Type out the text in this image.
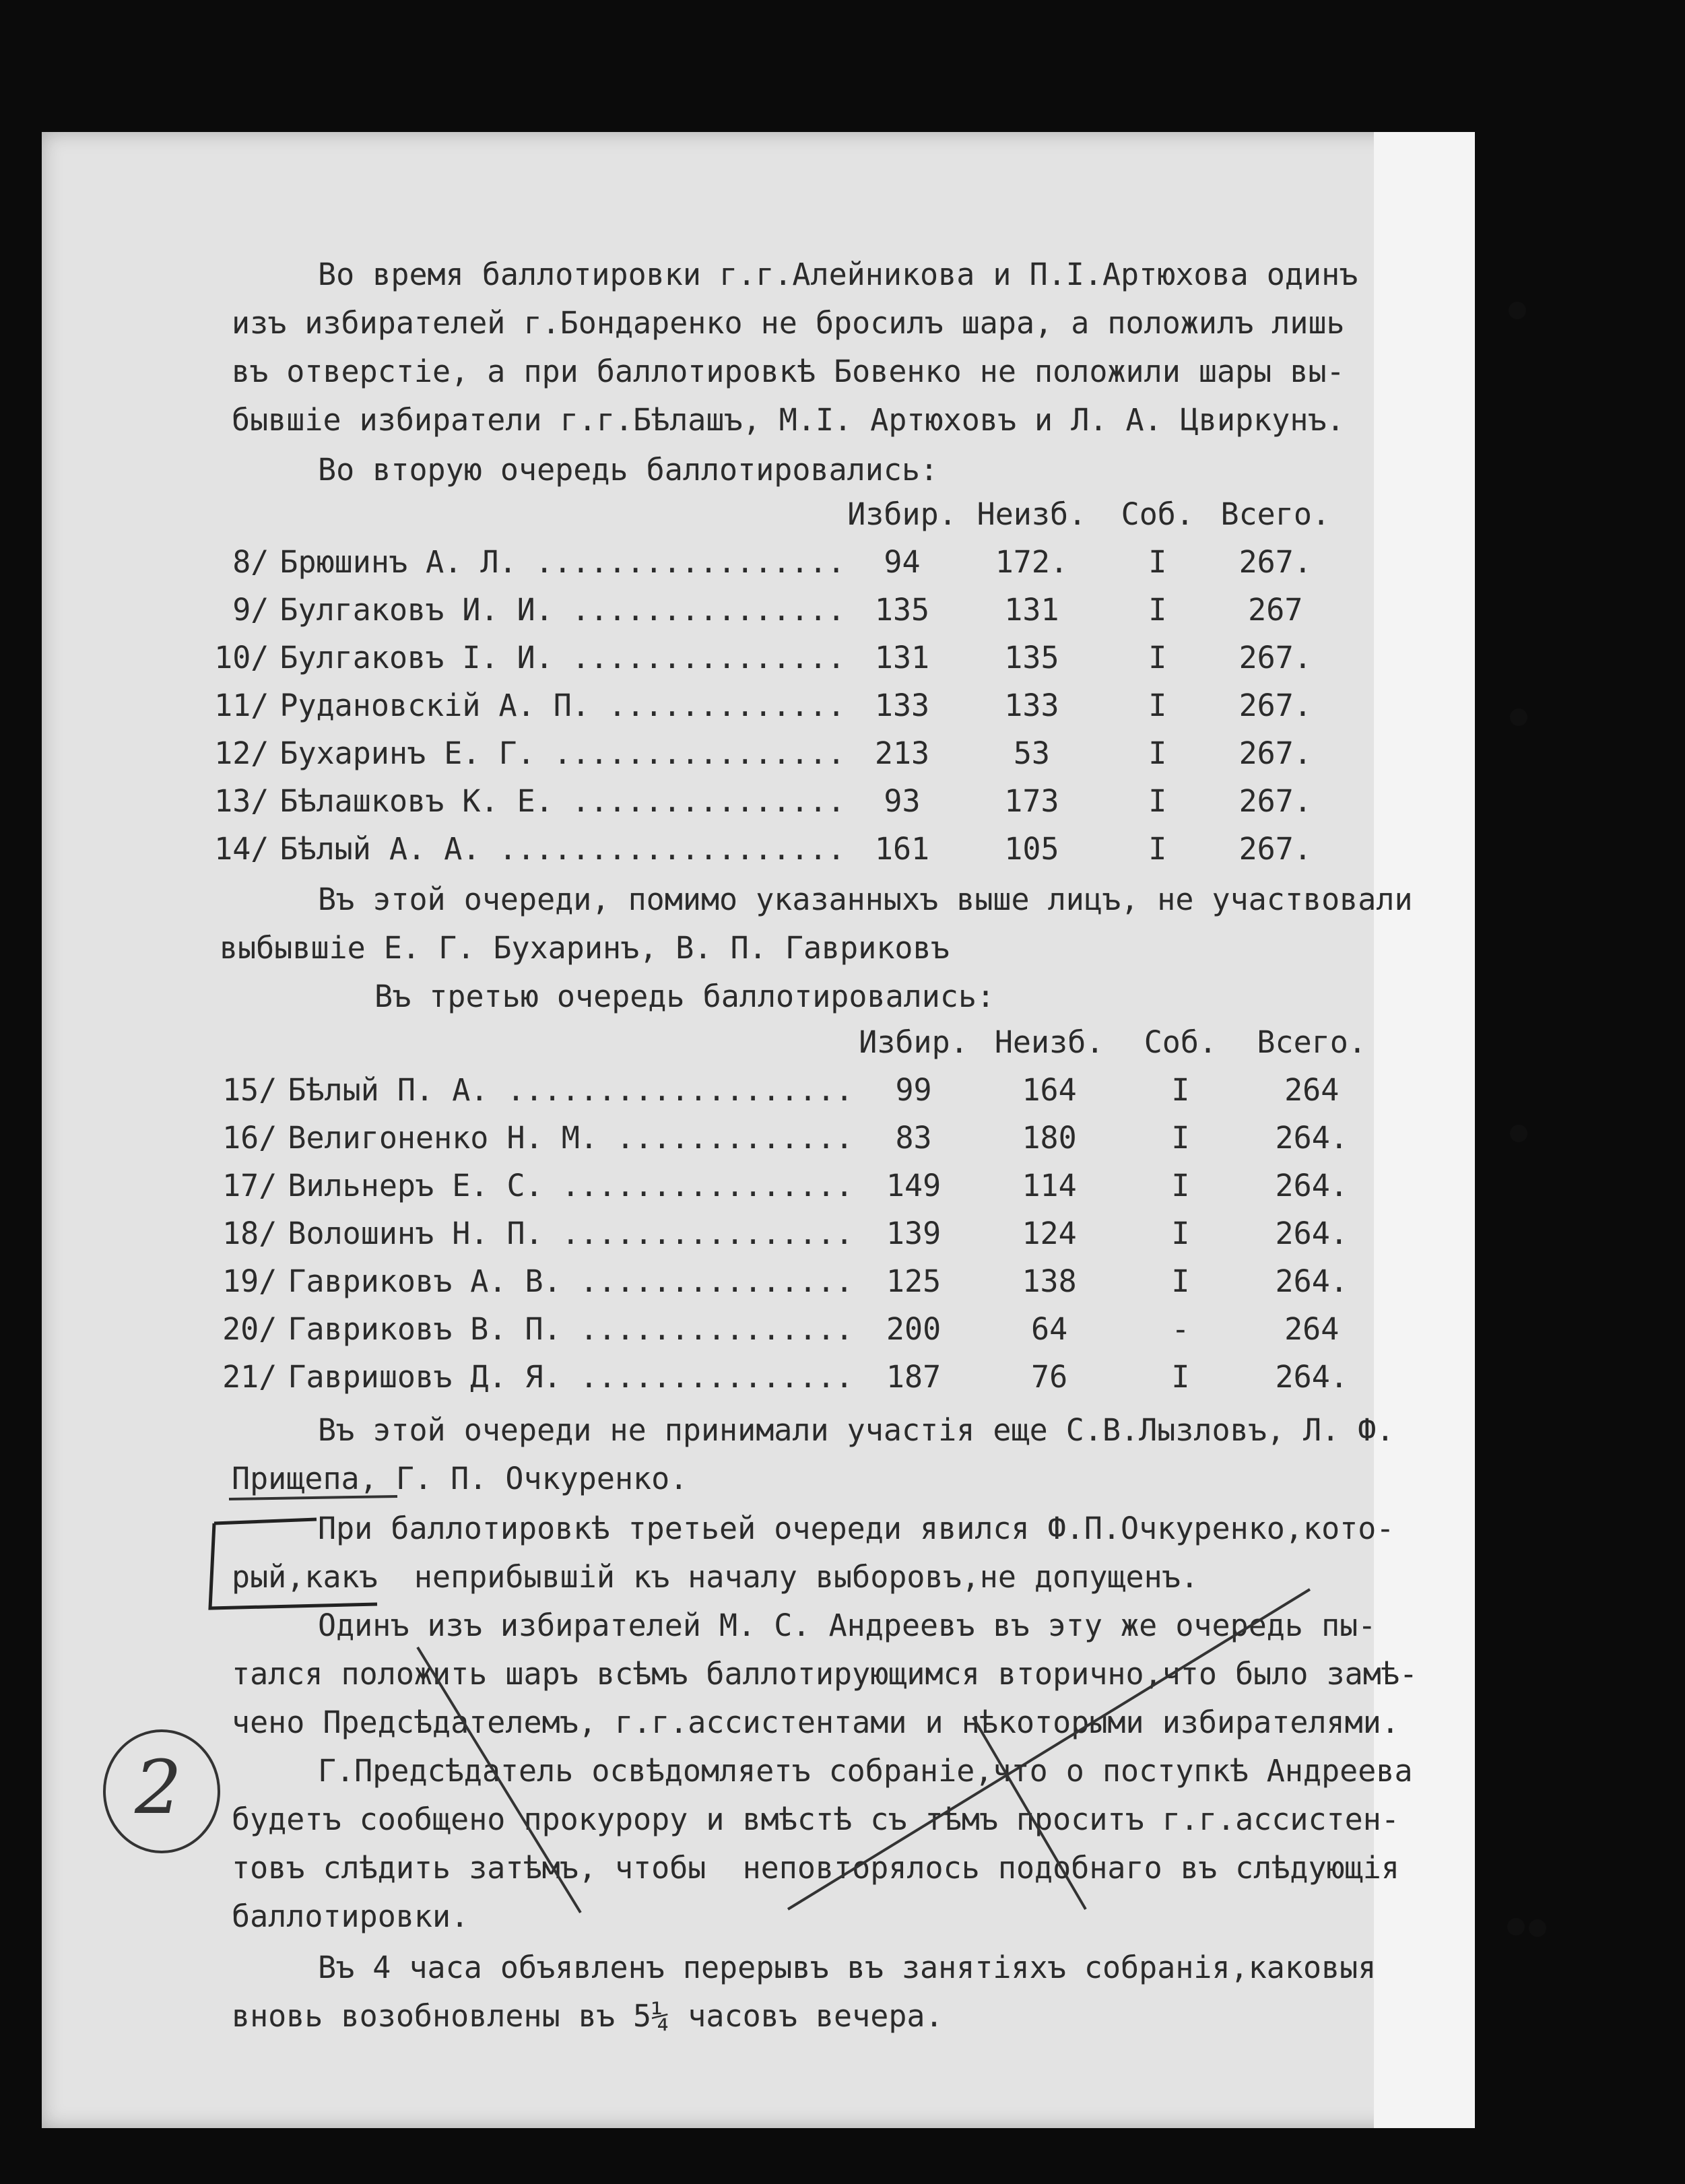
Во время баллотировки г.г.Алейникова и П.I.Артюхова одинъ
изъ избирателей г.Бондаренко не бросилъ шара, а положилъ лишь
въ отверстіе, а при баллотировкѣ Бовенко не положили шары вы-
бывшіе избиратели г.г.Бѣлашъ, М.I. Артюховъ и Л. А. Цвиркунъ.
Во вторую очередь баллотировались:
		Избир.	Неизб.	Соб.	Всего.
8/	Брюшинъ А. Л. .................	94	172.	I	267.
9/	Булгаковъ И. И. ...............	135	131	I	267
10/	Булгаковъ I. И. ...............	131	135	I	267.
11/	Рудановскій А. П. .............	133	133	I	267.
12/	Бухаринъ Е. Г. ................	213	53	I	267.
13/	Бѣлашковъ К. Е. ...............	93	173	I	267.
14/	Бѣлый А. А. ...................	161	105	I	267.
Въ этой очереди, помимо указанныхъ выше лицъ, не участвовали
выбывшіе Е. Г. Бухаринъ, В. П. Гавриковъ
Въ третью очередь баллотировались:
		Избир.	Неизб.	Соб.	Всего.
15/	Бѣлый П. А. ...................	99	164	I	264
16/	Велигоненко Н. М. .............	83	180	I	264.
17/	Вильнеръ Е. С. ................	149	114	I	264.
18/	Волошинъ Н. П. ................	139	124	I	264.
19/	Гавриковъ А. В. ...............	125	138	I	264.
20/	Гавриковъ В. П. ...............	200	64	-	264
21/	Гавришовъ Д. Я. ...............	187	76	I	264.
Въ этой очереди не принимали участія еще С.В.Лызловъ, Л. Ф.
Прищепа, Г. П. Очкуренко.
При баллотировкѣ третьей очереди явился Ф.П.Очкуренко,кото-
рый,какъ  неприбывшій къ началу выборовъ,не допущенъ.
Одинъ изъ избирателей М. С. Андреевъ въ эту же очередь пы-
тался положить шаръ всѣмъ баллотирующимся вторично,что было замѣ-
чено Предсѣдателемъ, г.г.ассистентами и нѣкоторыми избирателями.
Г.Предсѣдатель освѣдомляетъ собраніе,что о поступкѣ Андреева
будетъ сообщено прокурору и вмѣстѣ съ тѣмъ проситъ г.г.ассистен-
товъ слѣдить затѣмъ, чтобы  неповторялось подобнаго въ слѣдующія
баллотировки.
Въ 4 часа объявленъ перерывъ въ занятіяхъ собранія,каковыя
вновь возобновлены въ 5¼ часовъ вечера.
2
